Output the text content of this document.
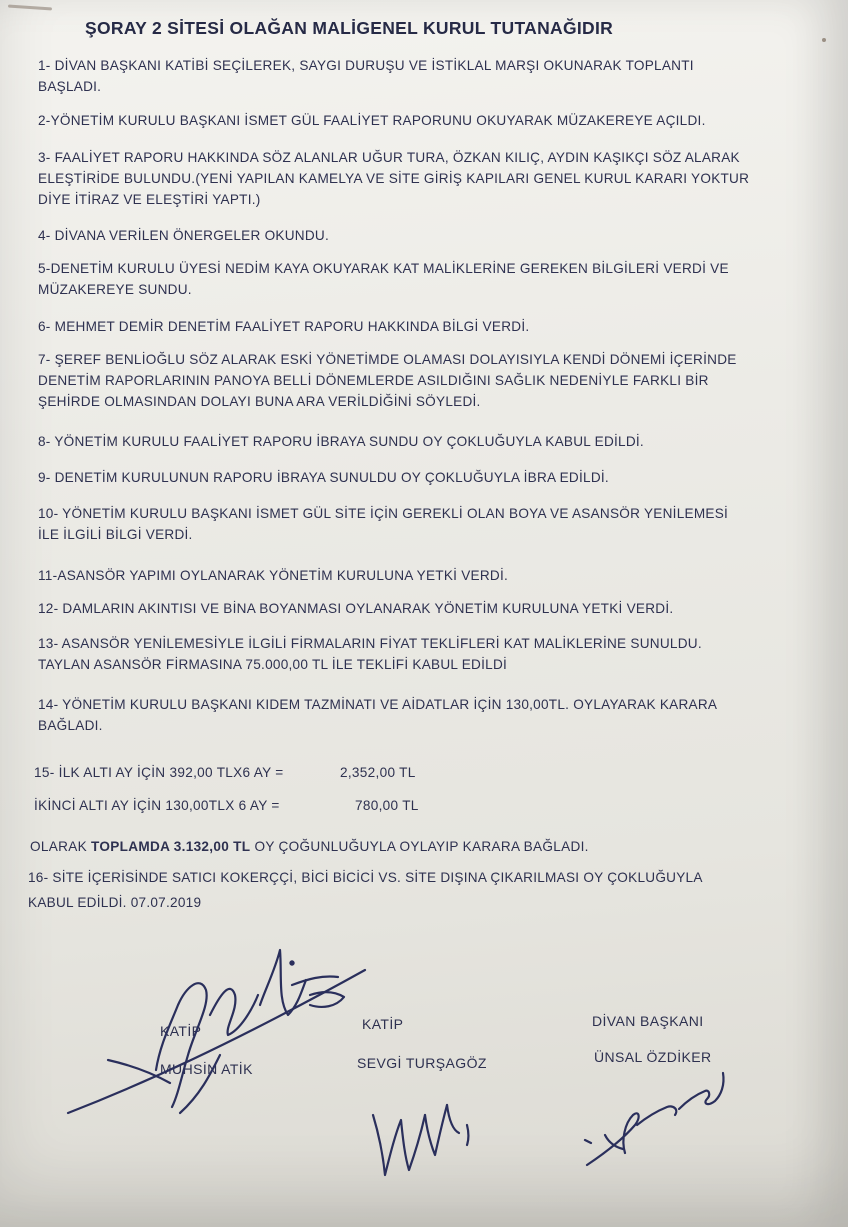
ŞORAY 2 SİTESİ OLAĞAN MALİGENEL KURUL TUTANAĞIDIR
1- DİVAN BAŞKANI KATİBİ SEÇİLEREK, SAYGI DURUŞU VE İSTİKLAL MARŞI OKUNARAK TOPLANTI
BAŞLADI.
2-YÖNETİM KURULU BAŞKANI İSMET GÜL FAALİYET RAPORUNU OKUYARAK MÜZAKEREYE AÇILDI.
3- FAALİYET RAPORU HAKKINDA SÖZ ALANLAR UĞUR TURA, ÖZKAN KILIÇ, AYDIN KAŞIKÇI SÖZ ALARAK
ELEŞTİRİDE BULUNDU.(YENİ YAPILAN KAMELYA VE SİTE GİRİŞ KAPILARI GENEL KURUL KARARI YOKTUR
DİYE İTİRAZ VE ELEŞTİRİ YAPTI.)
4- DİVANA VERİLEN ÖNERGELER OKUNDU.
5-DENETİM KURULU ÜYESİ NEDİM KAYA OKUYARAK KAT MALİKLERİNE GEREKEN BİLGİLERİ VERDİ VE
MÜZAKEREYE SUNDU.
6- MEHMET DEMİR DENETİM FAALİYET RAPORU HAKKINDA BİLGİ VERDİ.
7- ŞEREF BENLİOĞLU SÖZ ALARAK ESKİ YÖNETİMDE OLAMASI DOLAYISIYLA KENDİ DÖNEMİ İÇERİNDE
DENETİM RAPORLARININ PANOYA BELLİ DÖNEMLERDE ASILDIĞINI SAĞLIK NEDENİYLE FARKLI BİR
ŞEHİRDE OLMASINDAN DOLAYI BUNA ARA VERİLDİĞİNİ SÖYLEDİ.
8- YÖNETİM KURULU FAALİYET RAPORU İBRAYA SUNDU OY ÇOKLUĞUYLA KABUL EDİLDİ.
9- DENETİM KURULUNUN RAPORU İBRAYA SUNULDU OY ÇOKLUĞUYLA İBRA EDİLDİ.
10- YÖNETİM KURULU BAŞKANI İSMET GÜL SİTE İÇİN GEREKLİ OLAN BOYA VE ASANSÖR YENİLEMESİ
İLE İLGİLİ BİLGİ VERDİ.
11-ASANSÖR YAPIMI OYLANARAK YÖNETİM KURULUNA YETKİ VERDİ.
12- DAMLARIN AKINTISI VE BİNA BOYANMASI OYLANARAK YÖNETİM KURULUNA YETKİ VERDİ.
13- ASANSÖR YENİLEMESİYLE İLGİLİ FİRMALARIN FİYAT TEKLİFLERİ KAT MALİKLERİNE SUNULDU.
TAYLAN ASANSÖR FİRMASINA 75.000,00 TL İLE TEKLİFİ KABUL EDİLDİ
14- YÖNETİM KURULU BAŞKANI KIDEM TAZMİNATI VE AİDATLAR İÇİN 130,00TL. OYLAYARAK KARARA
BAĞLADI.
15- İLK ALTI AY İÇİN 392,00 TLX6 AY =	2,352,00 TL
İKİNCİ ALTI AY İÇİN 130,00TLX 6 AY =	780,00 TL
OLARAK TOPLAMDA 3.132,00 TL OY ÇOĞUNLUĞUYLA OYLAYIP KARARA BAĞLADI.
16- SİTE İÇERİSİNDE SATICI KOKERÇÇİ, BİCİ BİCİCİ VS. SİTE DIŞINA ÇIKARILMASI OY ÇOKLUĞUYLA
KABUL EDİLDİ. 07.07.2019
KATİP
MUHSİN ATİK
KATİP
SEVGİ TURŞAGÖZ
DİVAN BAŞKANI
ÜNSAL ÖZDİKER
